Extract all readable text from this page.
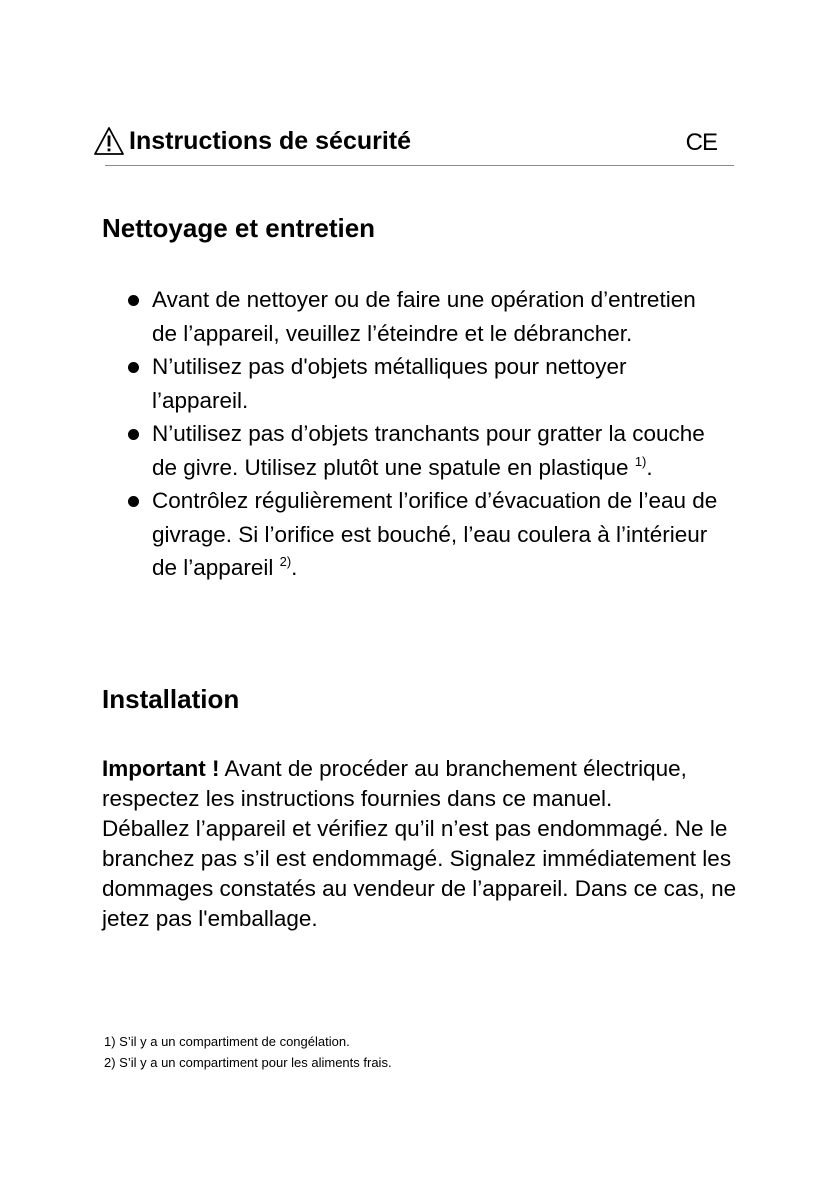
Instructions de sécurité	CE
Nettoyage et entretien
Avant de nettoyer ou de faire une opération d’entretien de l’appareil, veuillez l’éteindre et le débrancher.
N’utilisez pas d'objets métalliques pour nettoyer l’appareil.
N’utilisez pas d’objets tranchants pour gratter la couche de givre. Utilisez plutôt une spatule en plastique $^{1)}$.
Contrôlez régulièrement l’orifice d’évacuation de l’eau de givrage. Si l’orifice est bouché, l’eau coulera à l’intérieur de l’appareil $^{2)}$.
Installation

Important ! Avant de procéder au branchement électrique, respectez les instructions fournies dans ce manuel.

Déballez l’appareil et vérifiez qu’il n’est pas endommagé. Ne le branchez pas s’il est endommagé. Signalez immédiatement les dommages constatés au vendeur de l’appareil. Dans ce cas, ne jetez pas l'emballage.

1) S’il y a un compartiment de congélation.
2) S’il y a un compartiment pour les aliments frais.
